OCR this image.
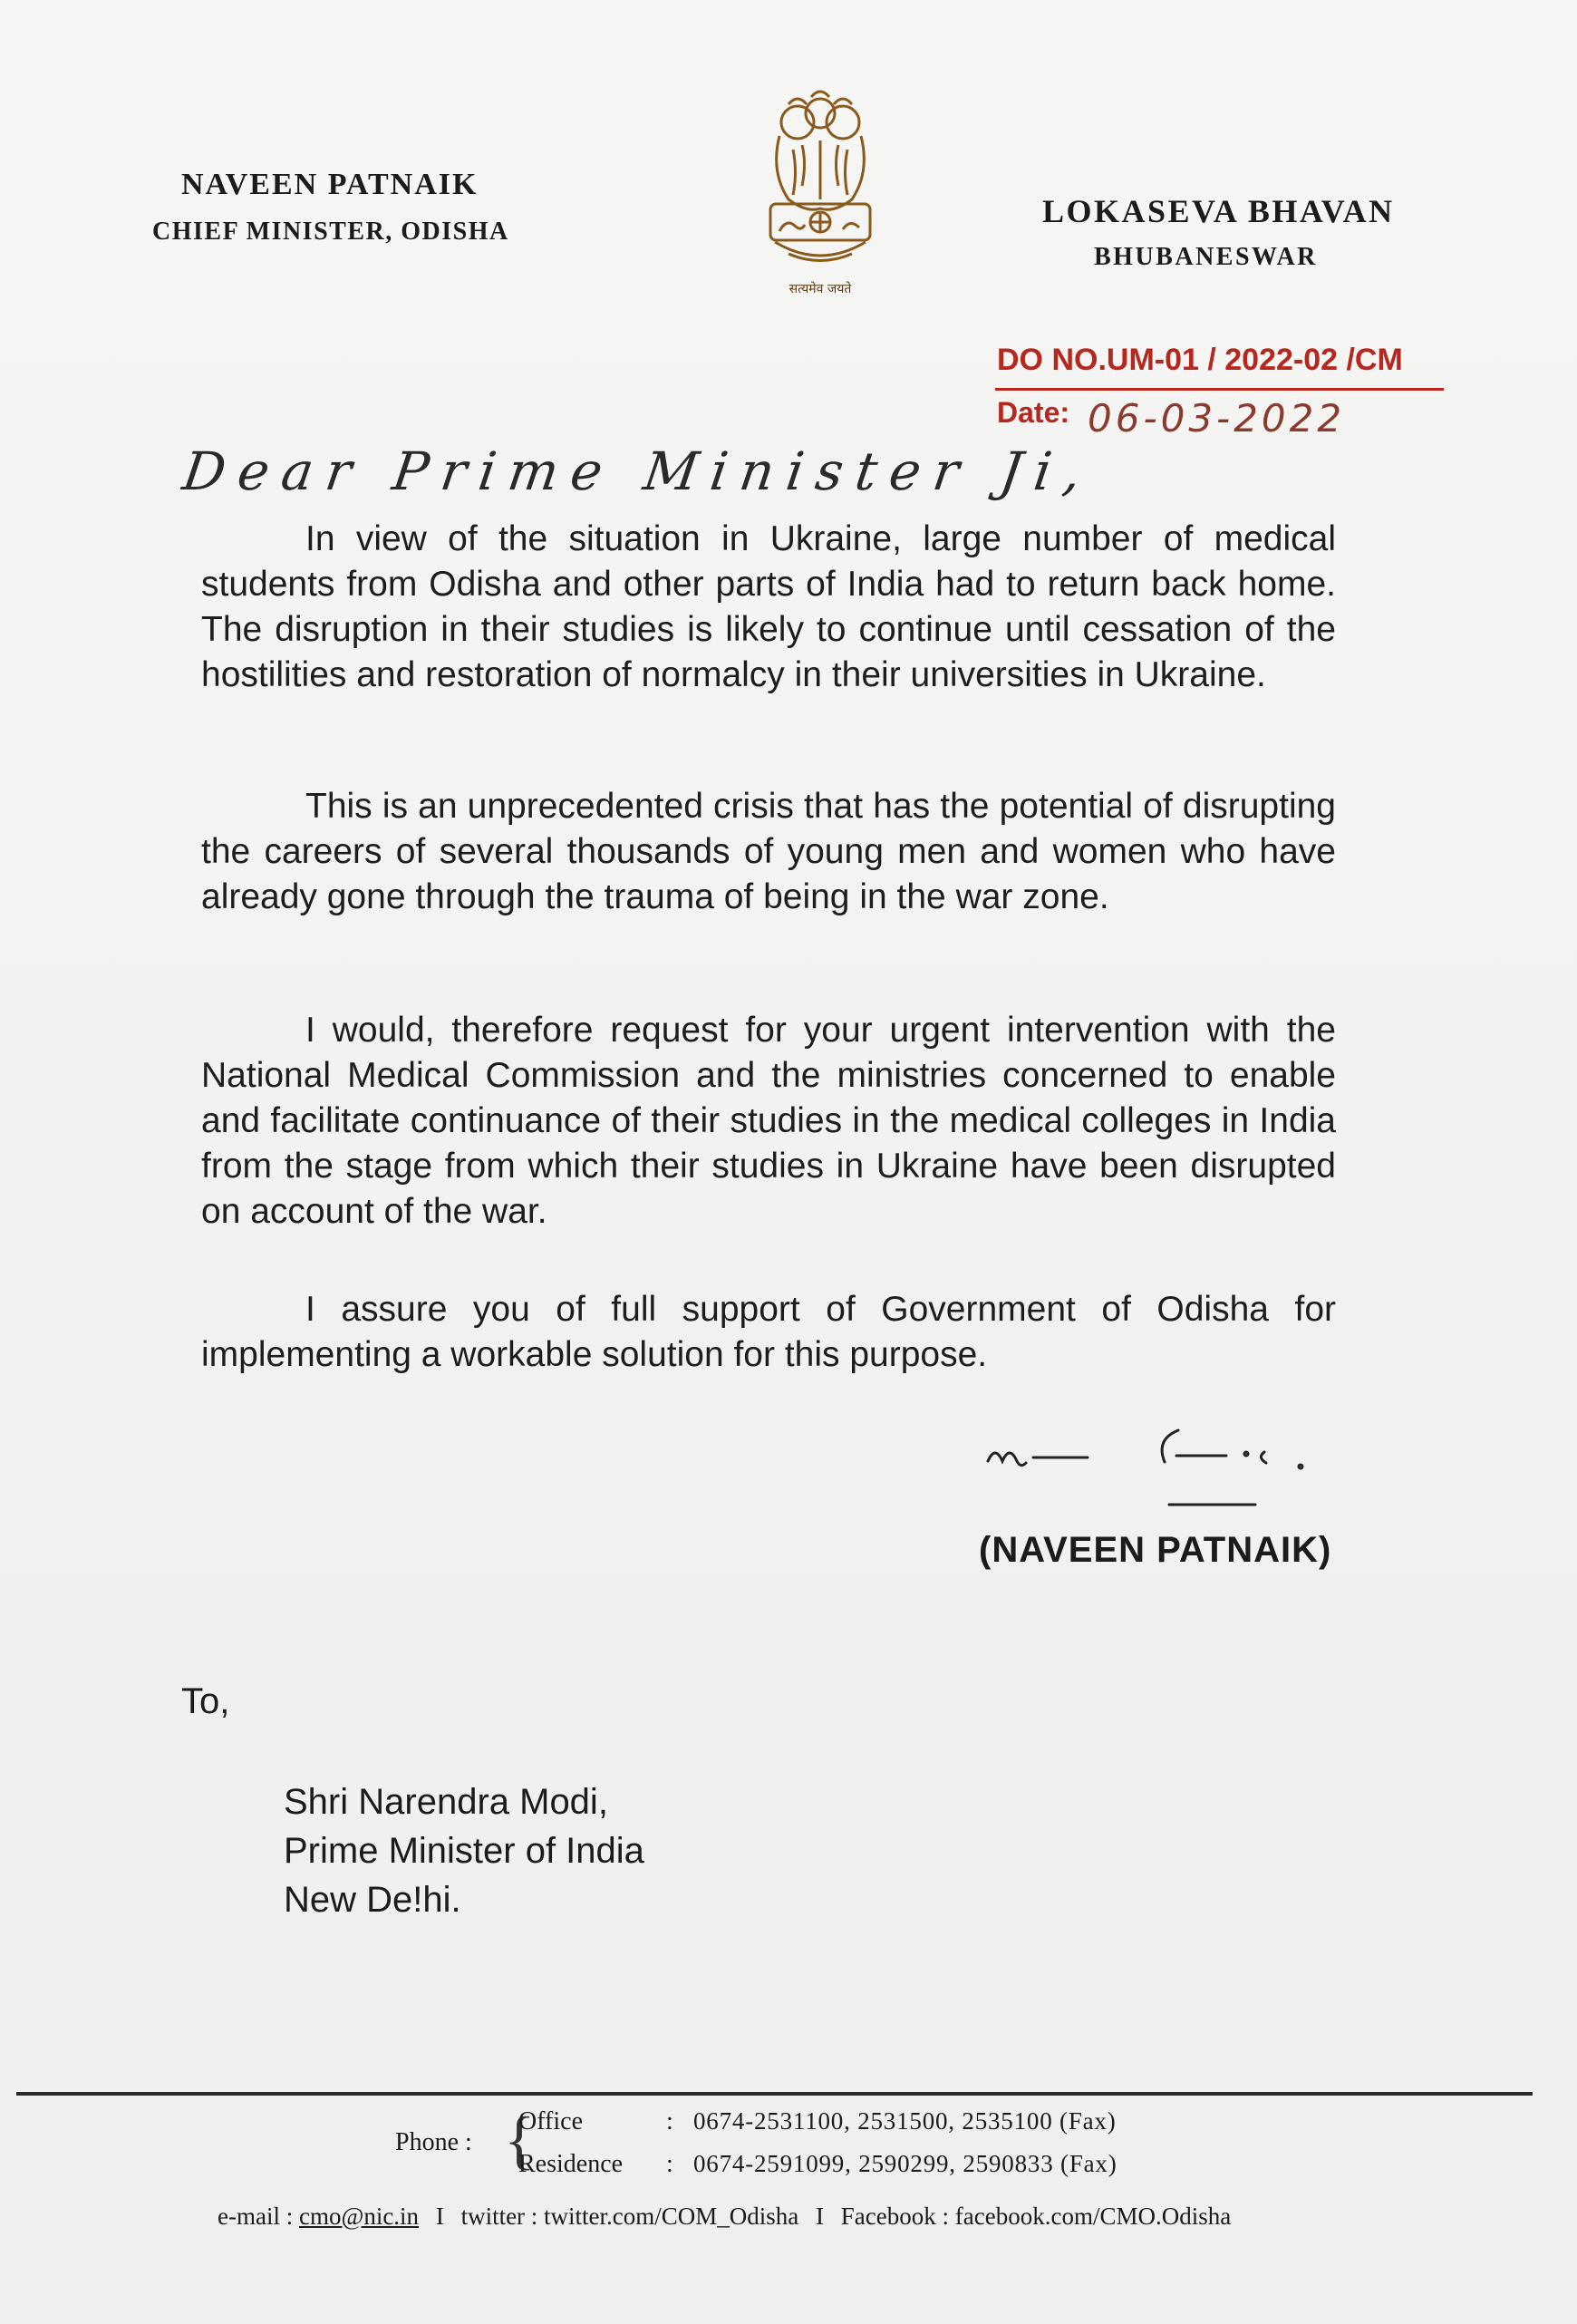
NAVEEN PATNAIK
CHIEF MINISTER, ODISHA
सत्यमेव जयते
LOKASEVA BHAVAN
BHUBANESWAR
DO NO.UM-01 / 2022-02 /CM
Date: 06-03-2022
Dear Prime Minister Ji,
In view of the situation in Ukraine, large number of medical students from Odisha and other parts of India had to return back home. The disruption in their studies is likely to continue until cessation of the hostilities and restoration of normalcy in their universities in Ukraine.
This is an unprecedented crisis that has the potential of disrupting the careers of several thousands of young men and women who have already gone through the trauma of being in the war zone.
I would, therefore request for your urgent intervention with the National Medical Commission and the ministries concerned to enable and facilitate continuance of their studies in the medical colleges in India from the stage from which their studies in Ukraine have been disrupted on account of the war.
I assure you of full support of Government of Odisha for implementing a workable solution for this purpose.
(NAVEEN PATNAIK)
To,
Shri Narendra Modi,
Prime Minister of India
New De!hi.
Phone : {
Office	: 0674-2531100, 2531500, 2535100 (Fax)
Residence : 0674-2591099, 2590299, 2590833 (Fax)
e-mail : cmo@nic.in I twitter : twitter.com/COM_Odisha I Facebook : facebook.com/CMO.Odisha
